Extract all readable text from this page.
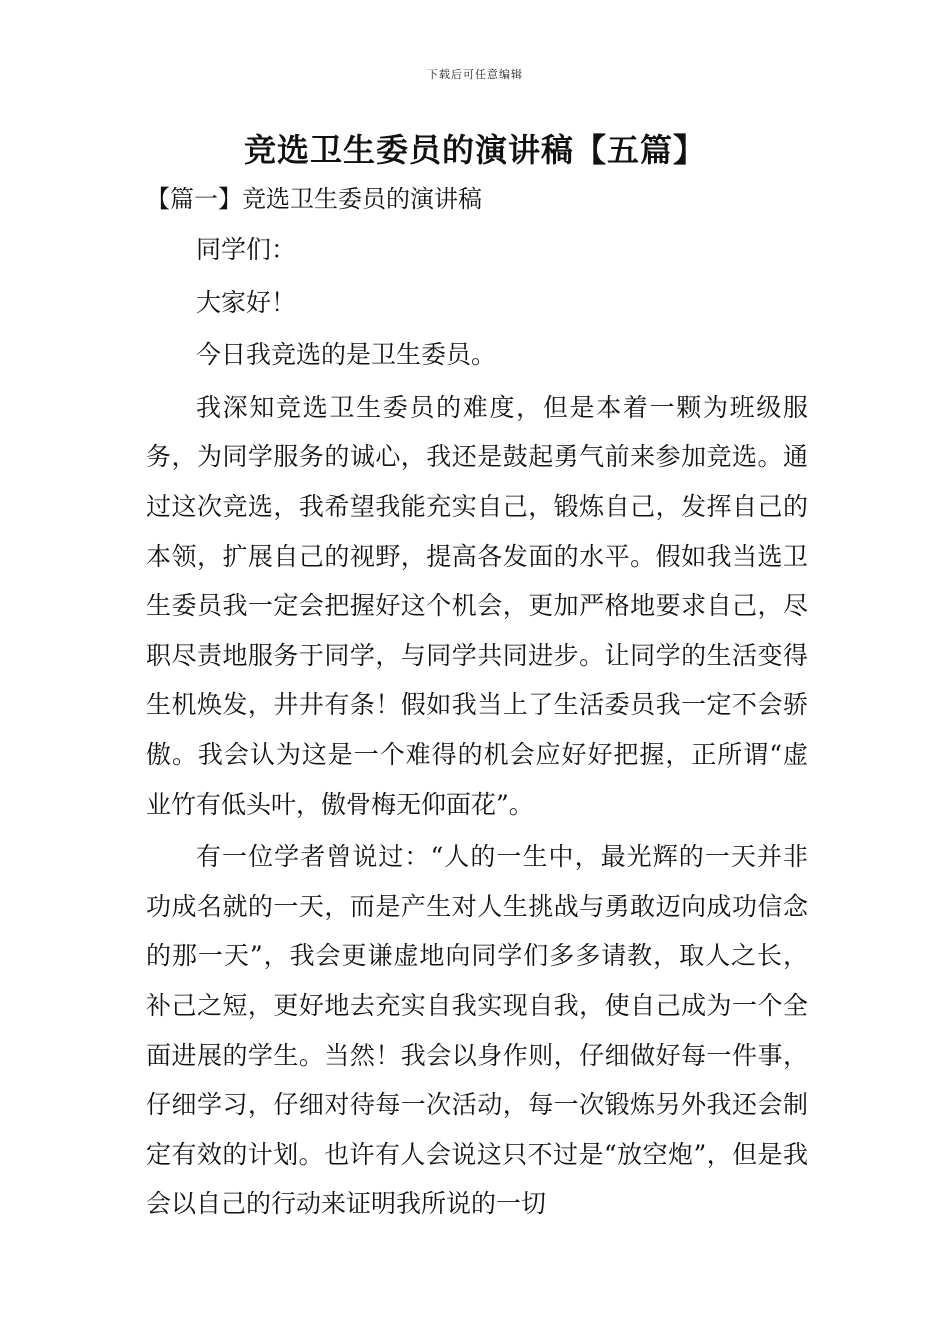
下载后可任意编辑
竞选卫生委员的演讲稿【五篇】
【篇一】竞选卫生委员的演讲稿

同学们：

大家好！

今日我竞选的是卫生委员。

我深知竞选卫生委员的难度，但是本着一颗为班级服务，为同学服务的诚心，我还是鼓起勇气前来参加竞选。通过这次竞选，我希望我能充实自己，锻炼自己，发挥自己的本领，扩展自己的视野，提高各发面的水平。假如我当选卫生委员我一定会把握好这个机会，更加严格地要求自己，尽职尽责地服务于同学，与同学共同进步。让同学的生活变得生机焕发，井井有条！假如我当上了生活委员我一定不会骄傲。我会认为这是一个难得的机会应好好把握，正所谓“虚业竹有低头叶，傲骨梅无仰面花”。

有一位学者曾说过：“人的一生中，最光辉的一天并非功成名就的一天，而是产生对人生挑战与勇敢迈向成功信念的那一天”，我会更谦虚地向同学们多多请教，取人之长，补己之短，更好地去充实自我实现自我，使自己成为一个全面进展的学生。当然！我会以身作则，仔细做好每一件事，仔细学习，仔细对待每一次活动，每一次锻炼另外我还会制定有效的计划。也许有人会说这只不过是“放空炮”，但是我会以自己的行动来证明我所说的一切
